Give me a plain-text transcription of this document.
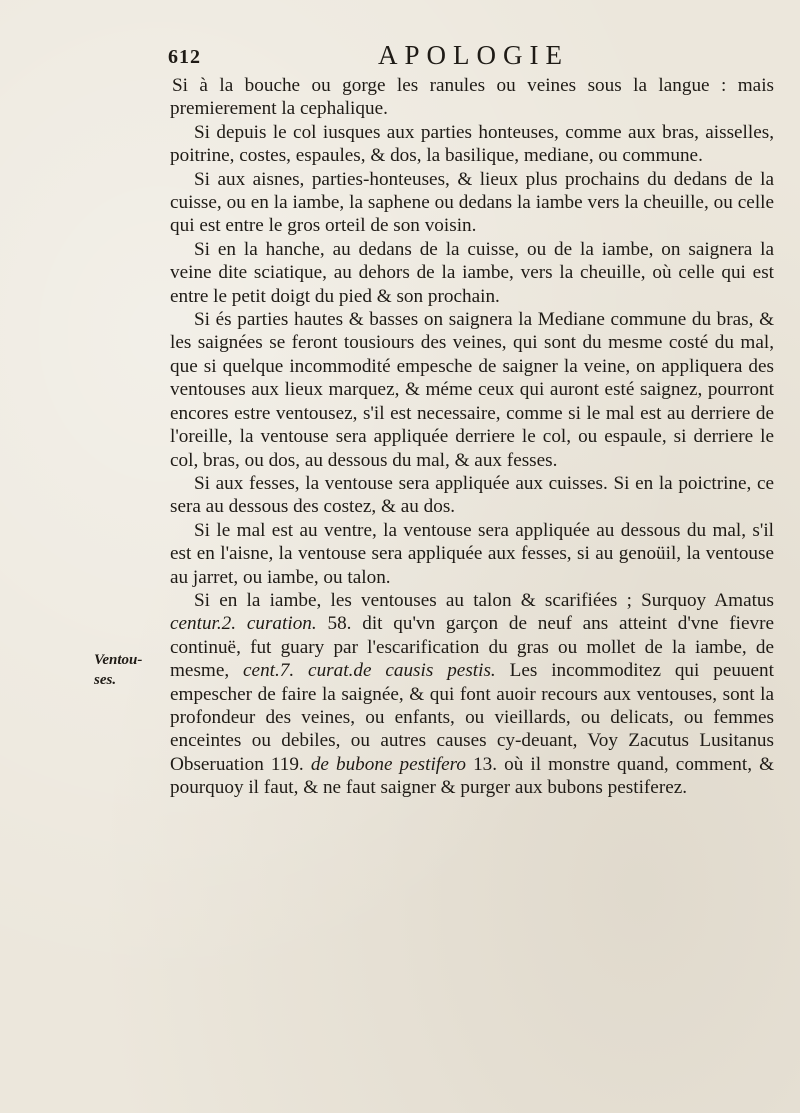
612	APOLOGIE
Ventou- ses.

Si à la bouche ou gorge les ranules ou veines sous la langue : mais premierement la cephalique.

Si depuis le col iusques aux parties honteuses, comme aux bras, aisselles, poitrine, costes, espaules, & dos, la basilique, mediane, ou commune.

Si aux aisnes, parties-honteuses, & lieux plus prochains du dedans de la cuisse, ou en la iambe, la saphene ou dedans la iambe vers la cheuille, ou celle qui est entre le gros orteil de son voisin.

Si en la hanche, au dedans de la cuisse, ou de la iambe, on saignera la veine dite sciatique, au dehors de la iambe, vers la cheuille, où celle qui est entre le petit doigt du pied & son prochain.

Si és parties hautes & basses on saignera la Mediane commune du bras, & les saignées se feront tousiours des veines, qui sont du mesme costé du mal, que si quelque incommodité empesche de saigner la veine, on appliquera des ventouses aux lieux marquez, & méme ceux qui auront esté saignez, pourront encores estre ventousez, s'il est necessaire, comme si le mal est au derriere de l'oreille, la ventouse sera appliquée derriere le col, ou espaule, si derriere le col, bras, ou dos, au dessous du mal, & aux fesses.

Si aux fesses, la ventouse sera appliquée aux cuisses. Si en la poictrine, ce sera au dessous des costez, & au dos.

Si le mal est au ventre, la ventouse sera appliquée au dessous du mal, s'il est en l'aisne, la ventouse sera appliquée aux fesses, si au genoüil, la ventouse au jarret, ou iambe, ou talon.

Si en la iambe, les ventouses au talon & scarifiées ; Surquoy Amatus centur.2. curation. 58. dit qu'vn garçon de neuf ans atteint d'vne fievre continuë, fut guary par l'escarification du gras ou mollet de la iambe, de mesme, cent.7. curat.de causis pestis. Les incommoditez qui peuuent empescher de faire la saignée, & qui font auoir recours aux ventouses, sont la profondeur des veines, ou enfants, ou vieillards, ou delicats, ou femmes enceintes ou debiles, ou autres causes cy-deuant, Voy Zacutus Lusitanus Obseruation 119. de bubone pestifero 13. où il monstre quand, comment, & pourquoy il faut, & ne faut saigner & purger aux bubons pestiferez.
